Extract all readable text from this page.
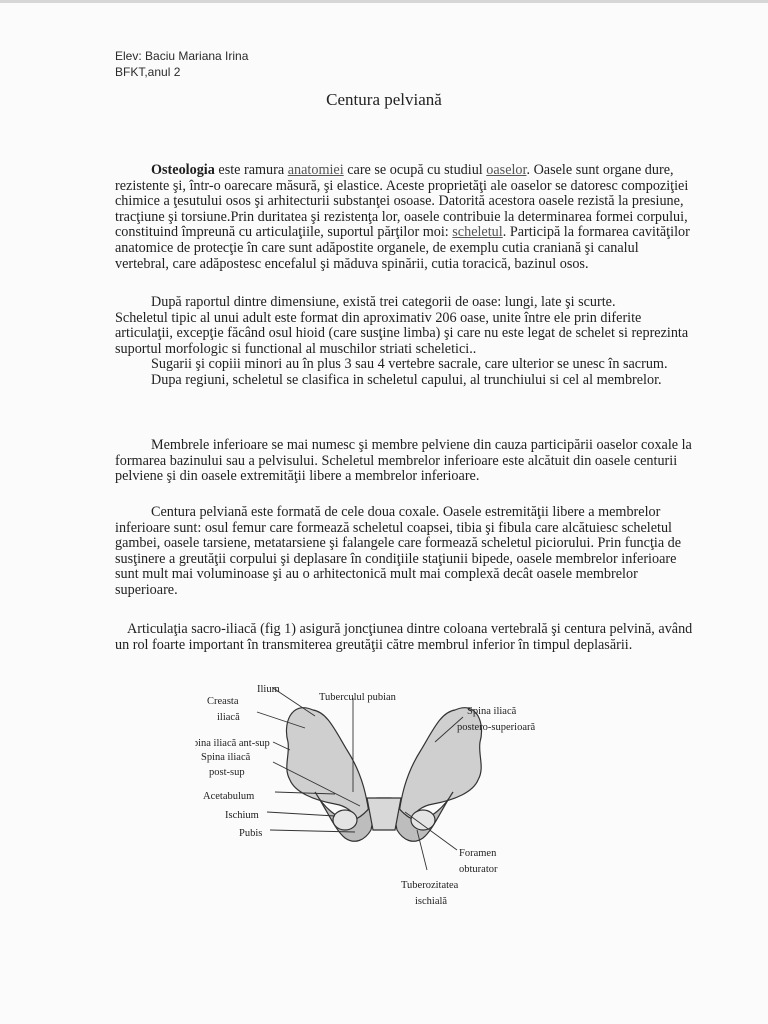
Elev: Baciu Mariana Irina
BFKT,anul 2
Centura pelviană

Osteologia este ramura anatomiei care se ocupă cu studiul oaselor. Oasele sunt organe dure, rezistente şi, într-o oarecare măsură, şi elastice. Aceste proprietăţi ale oaselor se datoresc compoziţiei chimice a ţesutului osos şi arhitecturii substanţei osoase. Datorită acestora oasele rezistă la presiune, tracţiune şi torsiune.Prin duritatea şi rezistenţa lor, oasele contribuie la determinarea formei corpului, constituind împreună cu articulaţiile, suportul părţilor moi: scheletul. Participă la formarea cavităţilor anatomice de protecţie în care sunt adăpostite organele, de exemplu cutia craniană şi canalul vertebral, care adăpostesc encefalul şi măduva spinării, cutia toracică, bazinul osos.

După raportul dintre dimensiune, există trei categorii de oase: lungi, late şi scurte.

Scheletul tipic al unui adult este format din aproximativ 206 oase, unite între ele prin diferite articulaţii, excepţie făcând osul hioid (care susţine limba) şi care nu este legat de schelet si reprezinta suportul morfologic si functional al muschilor striati scheletici..

Sugarii şi copiii minori au în plus 3 sau 4 vertebre sacrale, care ulterior se unesc în sacrum.

Dupa regiuni, scheletul se clasifica in scheletul capului, al trunchiului si cel al membrelor.

Membrele inferioare se mai numesc şi membre pelviene din cauza participării oaselor coxale la formarea bazinului sau a pelvisului. Scheletul membrelor inferioare este alcătuit din oasele centurii pelviene şi din oasele extremităţii libere a membrelor inferioare.

Centura pelviană este formată de cele doua coxale. Oasele estremităţii libere a membrelor inferioare sunt: osul femur care formează scheletul coapsei, tibia şi fibula care alcătuiesc scheletul gambei, oasele tarsiene, metatarsiene şi falangele care formează scheletul piciorului. Prin funcţia de susţinere a greutăţii corpului şi deplasare în condiţiile staţiunii bipede, oasele membrelor inferioare sunt mult mai voluminoase şi au o arhitectonică mult mai complexă decât oasele membrelor superioare.

Articulaţia sacro-iliacă (fig 1) asigură joncţiunea dintre coloana vertebrală şi centura pelvină, având un rol foarte important în transmiterea greutăţii către membrul inferior în timpul deplasării.

Creasta
iliacă
Ilium
Tuberculul pubian
Spina iliacă
postero-superioară
Spina iliacă ant-sup
Spina iliacă
post-sup
Acetabulum
Ischium
Pubis
Foramen
obturator
Tuberozitatea
ischială
